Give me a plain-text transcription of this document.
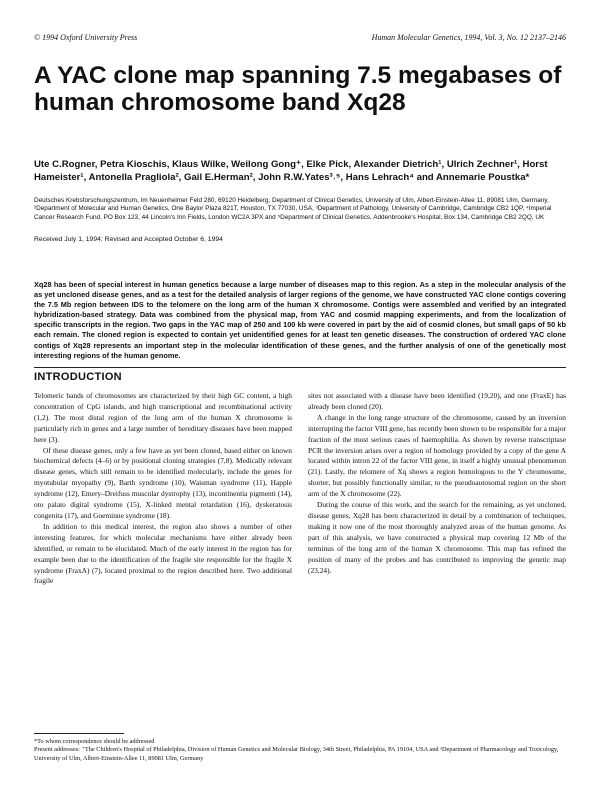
© 1994 Oxford University Press	Human Molecular Genetics, 1994, Vol. 3, No. 12 2137–2146
A YAC clone map spanning 7.5 megabases of human chromosome band Xq28
Ute C.Rogner, Petra Kioschis, Klaus Wilke, Weilong Gong⁺, Elke Pick, Alexander Dietrich¹, Ulrich Zechner¹, Horst Hameister¹, Antonella Pragliola², Gail E.Herman², John R.W.Yates³˒⁵, Hans Lehrach⁴ and Annemarie Poustka*
Deutsches Krebsforschungszentrum, Im Neuenheimer Feld 280, 69120 Heidelberg, Department of Clinical Genetics, University of Ulm, Albert-Einstein-Allee 11, 89081 Ulm, Germany, ²Department of Molecular and Human Genetics, One Baylor Plaza 821T, Houston, TX 77030, USA, ³Department of Pathology, University of Cambridge, Cambridge CB2 1QP, ⁴Imperial Cancer Research Fund, PO Box 123, 44 Lincoln's Inn Fields, London WC2A 3PX and ⁵Department of Clinical Genetics, Addenbrooke's Hospital, Box 134, Cambridge CB2 2QQ, UK
Received July 1, 1994; Revised and Accepted October 6, 1994
Xq28 has been of special interest in human genetics because a large number of diseases map to this region. As a step in the molecular analysis of the as yet uncloned disease genes, and as a test for the detailed analysis of larger regions of the genome, we have constructed YAC clone contigs covering the 7.5 Mb region between IDS to the telomere on the long arm of the human X chromosome. Contigs were assembled and verified by an integrated hybridization-based strategy. Data was combined from the physical map, from YAC and cosmid mapping experiments, and from the localization of specific transcripts in the region. Two gaps in the YAC map of 250 and 100 kb were covered in part by the aid of cosmid clones, but small gaps of 50 kb each remain. The cloned region is expected to contain yet unidentified genes for at least ten genetic diseases. The construction of ordered YAC clone contigs of Xq28 represents an important step in the molecular identification of these genes, and the further analysis of one of the genetically most interesting regions of the human genome.
INTRODUCTION

Telomeric bands of chromosomes are characterized by their high GC content, a high concentration of CpG islands, and high transcriptional and recombinational activity (1,2). The most distal region of the long arm of the human X chromosome is particularly rich in genes and a large number of hereditary diseases have been mapped here (3).

Of these disease genes, only a few have as yet been cloned, based either on known biochemical defects (4–6) or by positional cloning strategies (7,8). Medically relevant disease genes, which still remain to be identified molecularly, include the genes for myotubular myopathy (9), Barth syndrome (10), Waisman syndrome (11), Happle syndrome (12), Emery–Dreifuss muscular dystrophy (13), incontinentia pigmenti (14), oto palato digital syndrome (15), X-linked mental retardation (16), dyskeratosis congenita (17), and Goeminne syndrome (18).

In addition to this medical interest, the region also shows a number of other interesting features, for which molecular mechanisms have either already been identified, or remain to be elucidated. Much of the early interest in the region has for example been due to the identification of the fragile site responsible for the fragile X syndrome (FraxA) (7), located proximal to the region described here. Two additional fragile

sites not associated with a disease have been identified (19,20), and one (FraxE) has already been cloned (20).

A change in the long range structure of the chromosome, caused by an inversion interrupting the factor VIII gene, has recently been shown to be responsible for a major fraction of the most serious cases of haemophilia. As shown by reverse transcriptase PCR the inversion arises over a region of homology provided by a copy of the gene A located within intron 22 of the factor VIII gene, in itself a highly unusual phenomenon (21). Lastly, the telomere of Xq shows a region homologous to the Y chromosome, shorter, but possibly functionally similar, to the pseudoautosomal region on the short arm of the X chromosome (22).

During the course of this work, and the search for the remaining, as yet uncloned, disease genes, Xq28 has been characterized in detail by a combination of techniques, making it now one of the most thoroughly analyzed areas of the human genome. As part of this analysis, we have constructed a physical map covering 12 Mb of the terminus of the long arm of the human X chromosome. This map has refined the position of many of the probes and has contributed to improving the genetic map (23,24).

*To whom correspondence should be addressed
Present addresses: ⁺The Children's Hospital of Philadelphia, Division of Human Genetics and Molecular Biology, 34th Street, Philadelphia, PA 19104, USA and ¹Department of Pharmacology and Toxicology, University of Ulm, Albert-Einstein-Allee 11, 89081 Ulm, Germany
